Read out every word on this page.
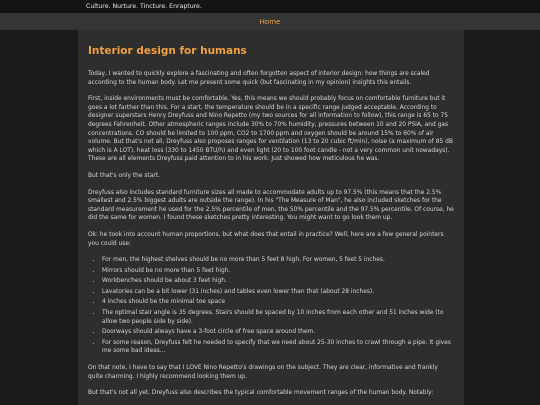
Culture. Nurture. Tincture. Enrapture.
Home
Interior design for humans

Today, I wanted to quickly explore a fascinating and often forgotten aspect of interior design: how things are scaled according to the human body. Let me present some quick (but fascinating in my opinion) insights this entails.

First, inside environments must be comfortable. Yes, this means we should probably focus on comfortable furniture but it goes a lot farther than this. For a start, the temperature should be in a specific range judged acceptable. According to designer superstars Henry Dreyfuss and Nino Repetto (my two sources for all information to follow), this range is 65 to 75 degrees Fahrenheit. Other atmospheric ranges include 30% to 70% humidity, pressures between 10 and 20 PSIA, and gas concentrations. CO should be limited to 100 ppm, CO2 to 1700 ppm and oxygen should be around 15% to 60% of air volume. But that's not all, Dreyfuss also proposes ranges for ventilation (13 to 20 cubic ft/min), noise (a maximum of 85 dB which is A LOT), heat loss (330 to 1450 BTU/h) and even light (20 to 100 foot candle - not a very common unit nowadays). These are all elements Dreyfuss paid attention to in his work. Just showed how meticulous he was.

But that's only the start.

Dreyfuss also includes standard furniture sizes all made to accommodate adults up to 97.5% (this means that the 2.5% smallest and 2.5% biggest adults are outside the range). In his "The Measure of Man", he also included sketches for the standard measurement he used for the 2.5% percentile of men, the 50% percentile and the 97.5% percentile. Of course, he did the same for women. I found these sketches pretty interesting. You might want to go look them up.

Ok: he took into account human proportions, but what does that entail in practice? Well, here are a few general pointers you could use:

• For men, the highest shelves should be no more than 5 feet 8 high. For women, 5 feet 5 inches.
• Mirrors should be no more than 5 feet high.
• Workbenches should be about 3 feet high.
• Lavatories can be a bit lower (31 inches) and tables even lower than that (about 28 inches).
• 4 inches should be the minimal toe space
• The optimal stair angle is 35 degrees. Stairs should be spaced by 10 inches from each other and 51 inches wide (to allow two people side by side).
• Doorways should always have a 3-foot circle of free space around them.
• For some reason, Dreyfuss felt he needed to specify that we need about 25-30 inches to crawl through a pipe. It gives me some bad ideas...

On that note, I have to say that I LOVE Nino Repetto's drawings on the subject. They are clear, informative and frankly quite charming. I highly recommend looking them up.

But that's not all yet. Dreyfuss also describes the typical comfortable movement ranges of the human body. Notably:
